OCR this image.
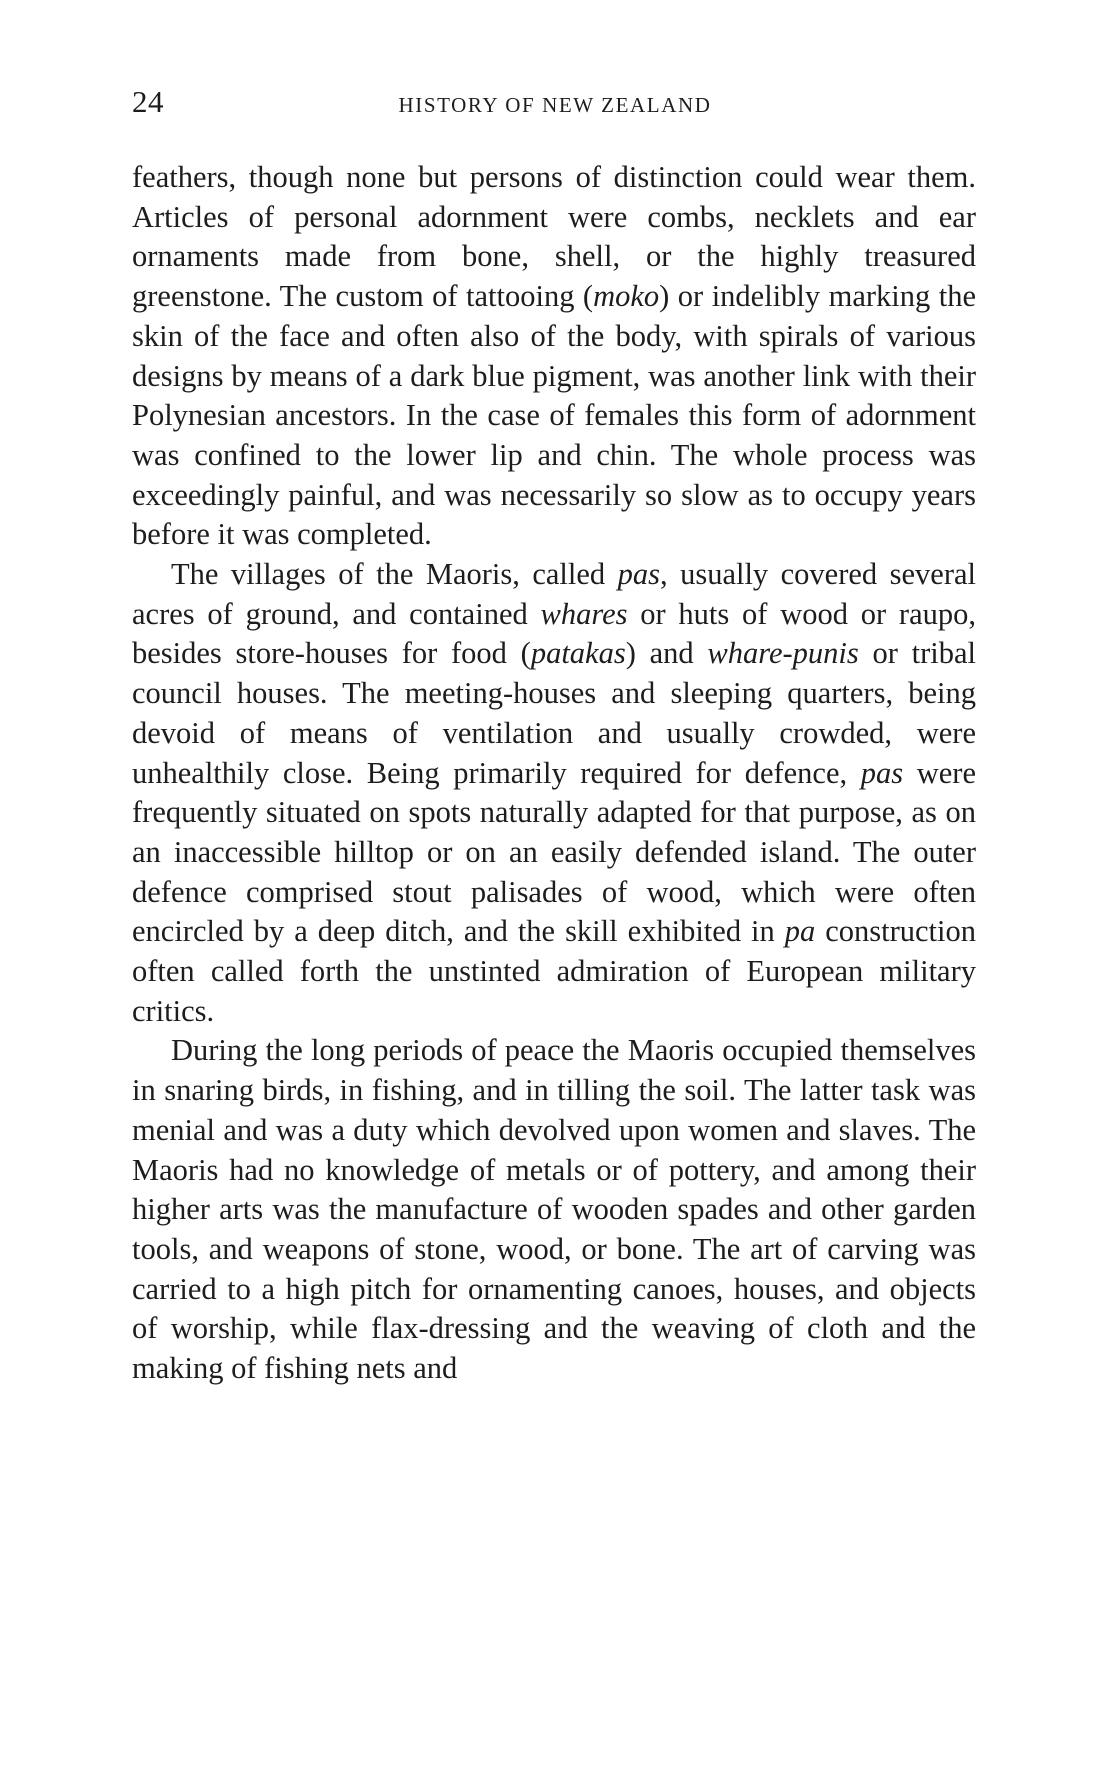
24	HISTORY OF NEW ZEALAND

feathers, though none but persons of distinction could wear them. Articles of personal adornment were combs, necklets and ear ornaments made from bone, shell, or the highly treasured greenstone. The custom of tattooing (moko) or indelibly marking the skin of the face and often also of the body, with spirals of various designs by means of a dark blue pigment, was another link with their Polynesian ancestors. In the case of females this form of adornment was confined to the lower lip and chin. The whole process was exceedingly painful, and was necessarily so slow as to occupy years before it was completed.

The villages of the Maoris, called pas, usually covered several acres of ground, and contained whares or huts of wood or raupo, besides store-houses for food (patakas) and whare-punis or tribal council houses. The meeting-houses and sleeping quarters, being devoid of means of ventilation and usually crowded, were unhealthily close. Being primarily required for defence, pas were frequently situated on spots naturally adapted for that purpose, as on an inaccessible hilltop or on an easily defended island. The outer defence comprised stout palisades of wood, which were often encircled by a deep ditch, and the skill exhibited in pa construction often called forth the unstinted admiration of European military critics.

During the long periods of peace the Maoris occupied themselves in snaring birds, in fishing, and in tilling the soil. The latter task was menial and was a duty which devolved upon women and slaves. The Maoris had no knowledge of metals or of pottery, and among their higher arts was the manufacture of wooden spades and other garden tools, and weapons of stone, wood, or bone. The art of carving was carried to a high pitch for ornamenting canoes, houses, and objects of worship, while flax-dressing and the weaving of cloth and the making of fishing nets and
